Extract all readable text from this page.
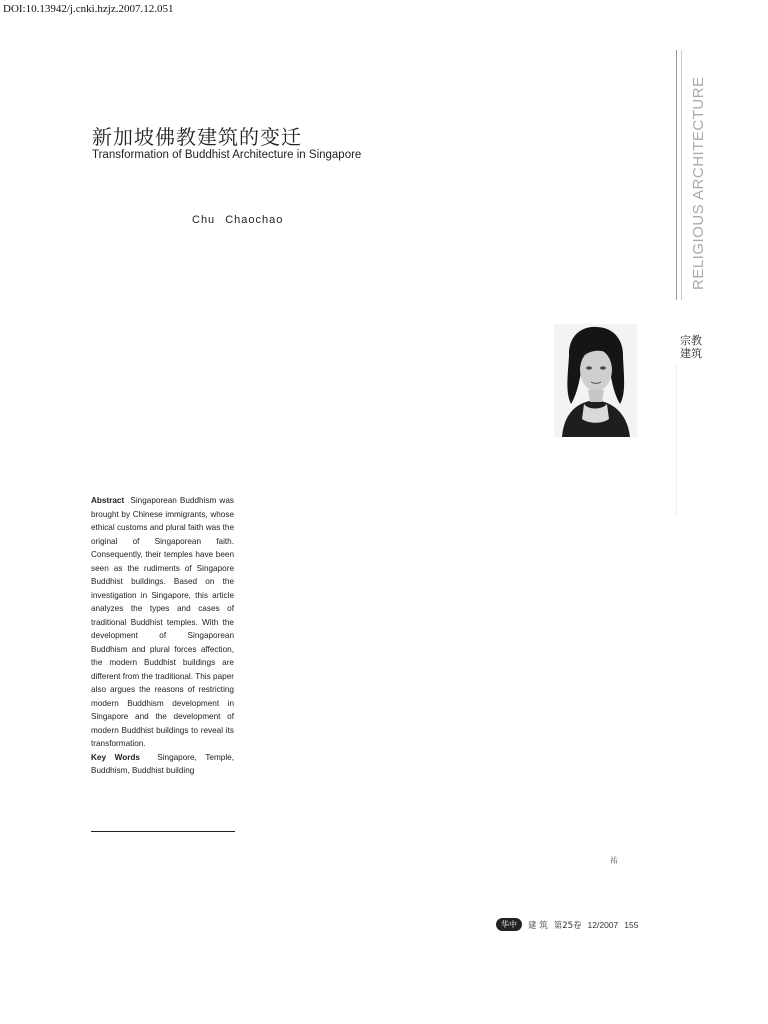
DOI:10.13942/j.cnki.hzjz.2007.12.051
新加坡佛教建筑的变迁
Transformation of Buddhist Architecture in Singapore
Chu Chaochao	RELIGIOUS ARCHITECTURE
宗教
建筑
Abstract Singaporean Buddhism was brought by Chinese immigrants, whose ethical customs and plural faith was the original of Singaporean faith. Consequently, their temples have been seen as the rudiments of Singapore Buddhist buildings. Based on the investigation in Singapore, this article analyzes the types and cases of traditional Buddhist temples. With the development of Singaporean Buddhism and plural forces affection, the modern Buddhist buildings are different from the traditional. This paper also argues the reasons of restricting modern Buddhism development in Singapore and the development of modern Buddhist buildings to reveal its transformation.
Key Words Singapore, Temple, Buddhism, Buddhist building
祐
华中	建 筑 第25卷 12/2007 155
